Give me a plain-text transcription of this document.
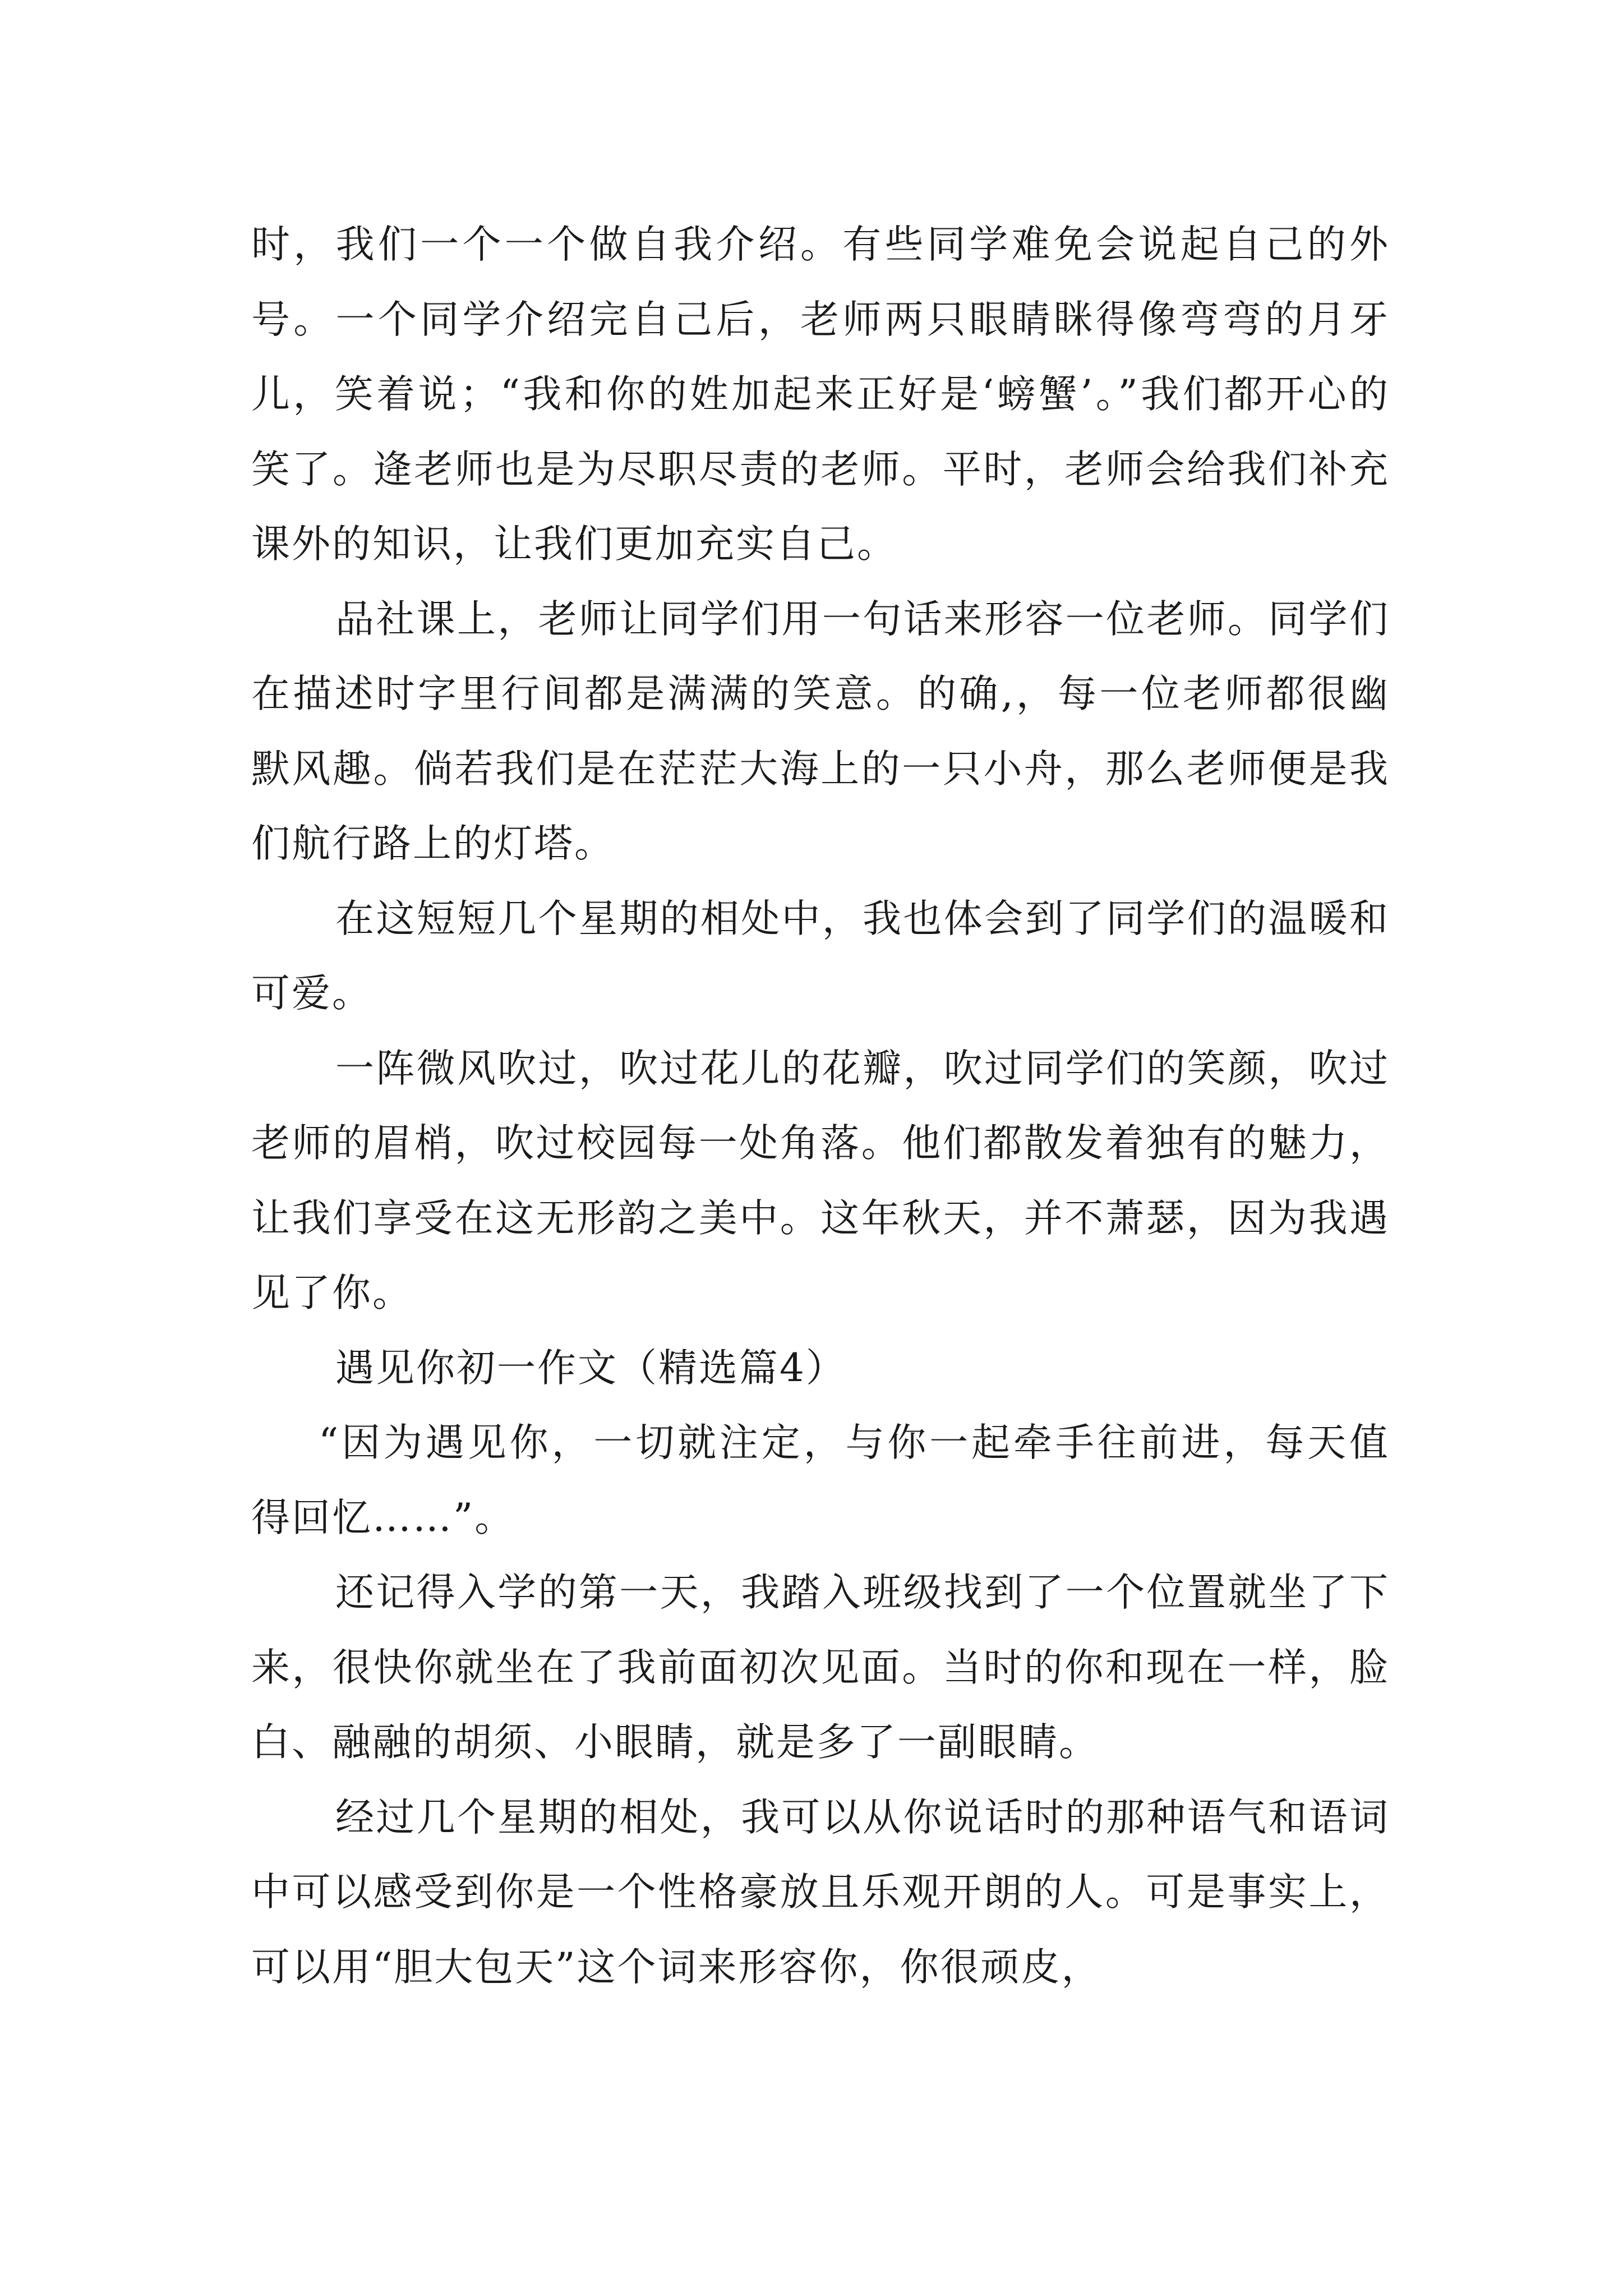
时，我们一个一个做自我介绍。有些同学难免会说起自己的外号。一个同学介绍完自己后，老师两只眼睛眯得像弯弯的月牙儿，笑着说；“我和你的姓加起来正好是‘螃蟹’。”我们都开心的笑了。逄老师也是为尽职尽责的老师。平时，老师会给我们补充课外的知识，让我们更加充实自己。

品社课上，老师让同学们用一句话来形容一位老师。同学们在描述时字里行间都是满满的笑意。的确,，每一位老师都很幽默风趣。倘若我们是在茫茫大海上的一只小舟，那么老师便是我们航行路上的灯塔。

在这短短几个星期的相处中，我也体会到了同学们的温暖和可爱。

一阵微风吹过，吹过花儿的花瓣，吹过同学们的笑颜，吹过老师的眉梢，吹过校园每一处角落。他们都散发着独有的魅力，让我们享受在这无形韵之美中。这年秋天，并不萧瑟，因为我遇见了你。

遇见你初一作文（精选篇4）

“因为遇见你，一切就注定，与你一起牵手往前进，每天值得回忆……”。

还记得入学的第一天，我踏入班级找到了一个位置就坐了下来，很快你就坐在了我前面初次见面。当时的你和现在一样，脸白、融融的胡须、小眼睛，就是多了一副眼睛。

经过几个星期的相处，我可以从你说话时的那种语气和语词中可以感受到你是一个性格豪放且乐观开朗的人。可是事实上，可以用“胆大包天”这个词来形容你，你很顽皮，
